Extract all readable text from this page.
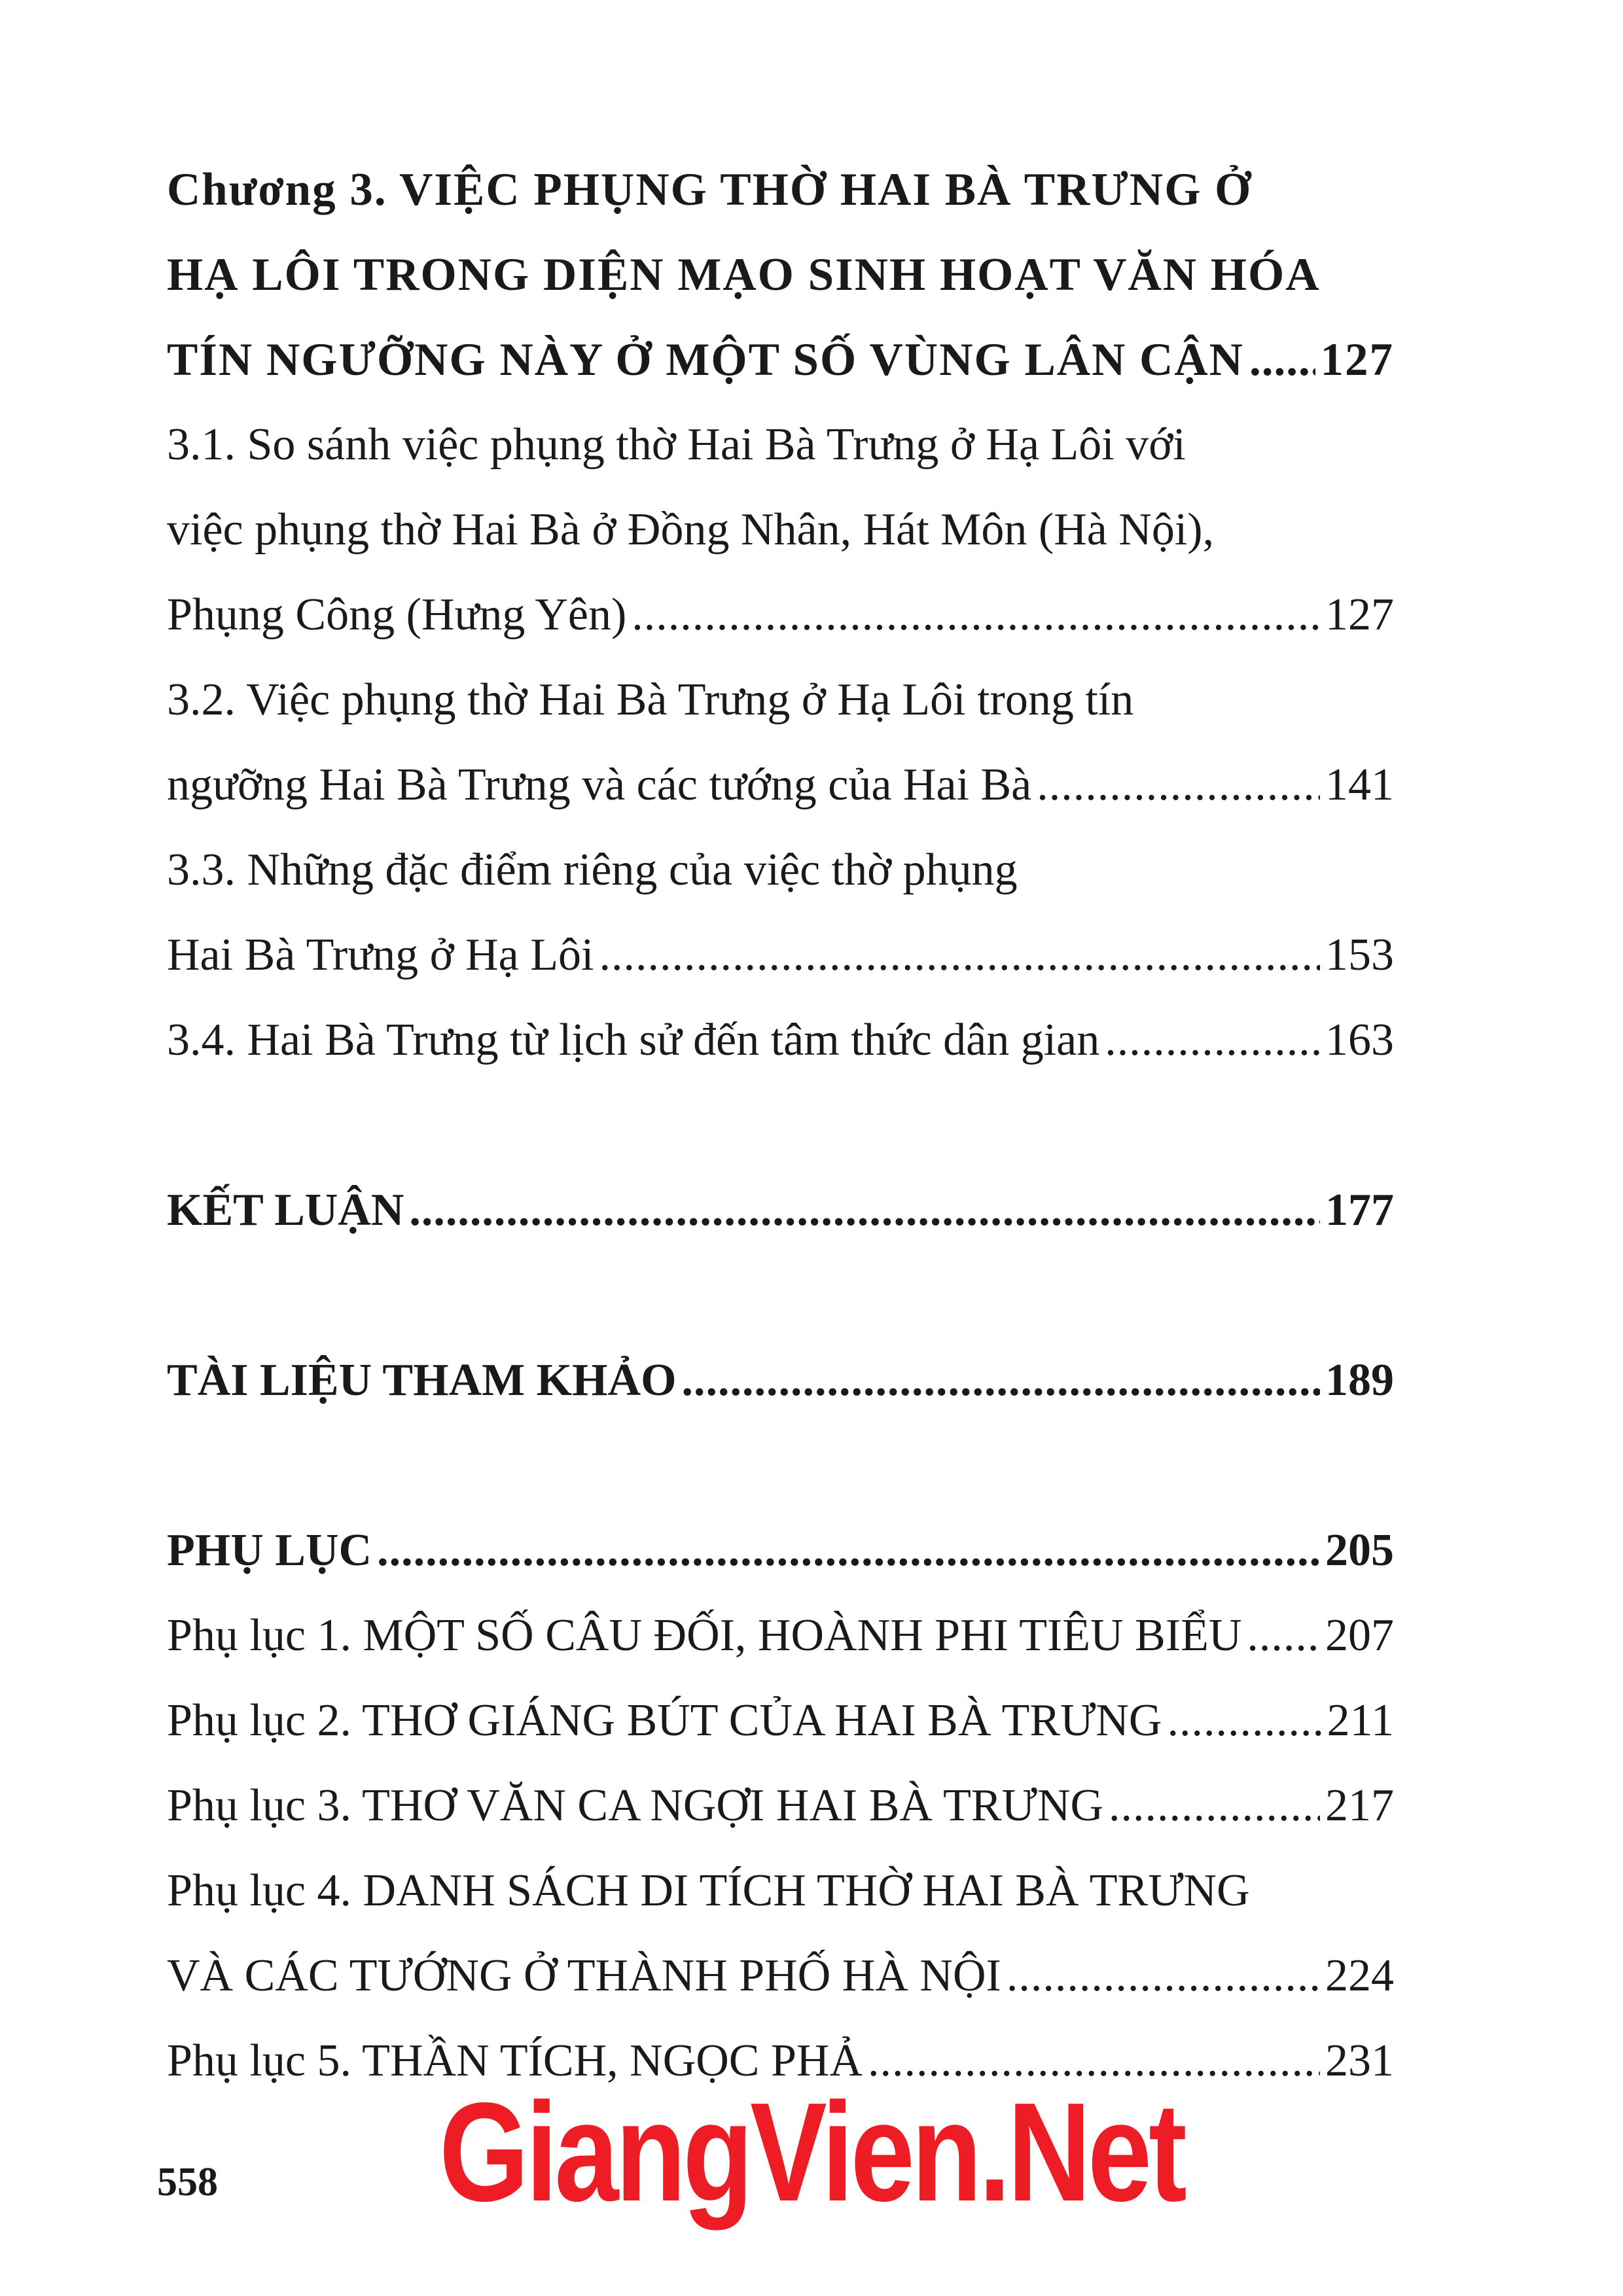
Chương 3. VIỆC PHỤNG THỜ HAI BÀ TRƯNG Ở
HẠ LÔI TRONG DIỆN MẠO SINH HOẠT VĂN HÓA
TÍN NGƯỠNG NÀY Ở MỘT SỐ VÙNG LÂN CẬN ..... 127
3.1. So sánh việc phụng thờ Hai Bà Trưng ở Hạ Lôi với
việc phụng thờ Hai Bà ở Đồng Nhân, Hát Môn (Hà Nội),
Phụng Công (Hưng Yên) .....	127
3.2. Việc phụng thờ Hai Bà Trưng ở Hạ Lôi trong tín
ngưỡng Hai Bà Trưng và các tướng của Hai Bà .....	141
3.3. Những đặc điểm riêng của việc thờ phụng
Hai Bà Trưng ở Hạ Lôi .....	153
3.4. Hai Bà Trưng từ lịch sử đến tâm thức dân gian .....	163
KẾT LUẬN .....	177
TÀI LIỆU THAM KHẢO .....	189
PHỤ LỤC .....	205
Phụ lục 1. MỘT SỐ CÂU ĐỐI, HOÀNH PHI TIÊU BIỂU ..... 207
Phụ lục 2. THƠ GIÁNG BÚT CỦA HAI BÀ TRƯNG .....	211
Phụ lục 3. THƠ VĂN CA NGỢI HAI BÀ TRƯNG .....	217
Phụ lục 4. DANH SÁCH DI TÍCH THỜ HAI BÀ TRƯNG
VÀ CÁC TƯỚNG Ở THÀNH PHỐ HÀ NỘI .....	224
Phụ lục 5. THẦN TÍCH, NGỌC PHẢ .....	231
GiangVien.Net
558
